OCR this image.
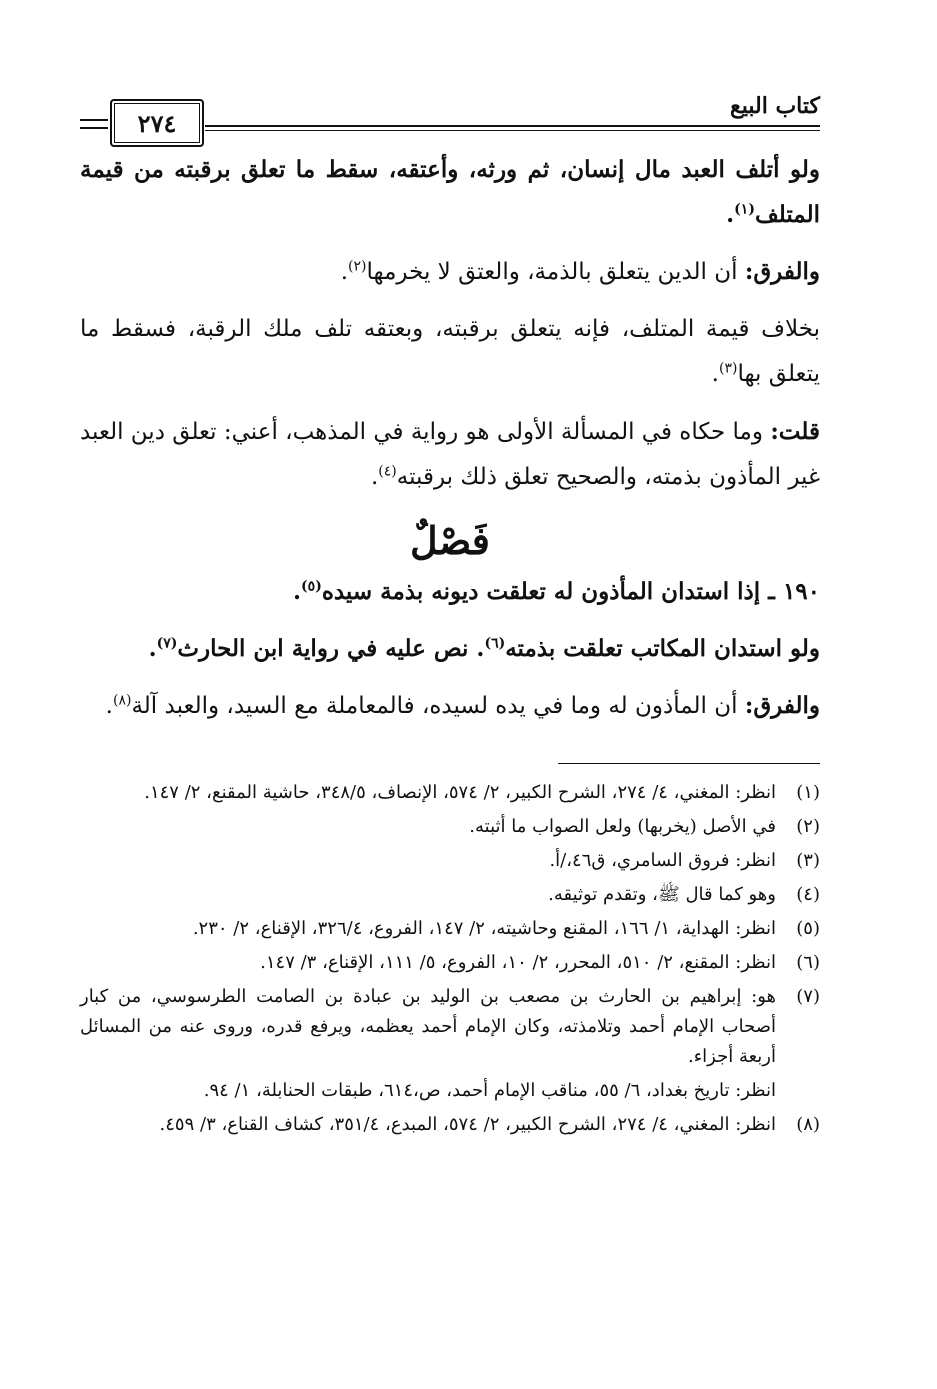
كتاب البيع
٢٧٤

ولو أتلف العبد مال إنسان، ثم ورثه، وأعتقه، سقط ما تعلق برقبته من قيمة المتلف$^{(١)}$.

والفرق: أن الدين يتعلق بالذمة، والعتق لا يخرمها$^{(٢)}$.

بخلاف قيمة المتلف، فإنه يتعلق برقبته، وبعتقه تلف ملك الرقبة، فسقط ما يتعلق بها$^{(٣)}$.

قلت: وما حكاه في المسألة الأولى هو رواية في المذهب، أعني: تعلق دين العبد غير المأذون بذمته، والصحيح تعلق ذلك برقبته$^{(٤)}$.

فَصْلٌ

١٩٠ ـ إذا استدان المأذون له تعلقت ديونه بذمة سيده$^{(٥)}$.

ولو استدان المكاتب تعلقت بذمته$^{(٦)}$. نص عليه في رواية ابن الحارث$^{(٧)}$.

والفرق: أن المأذون له وما في يده لسيده، فالمعاملة مع السيد، والعبد آلة$^{(٨)}$.

(١)
انظر: المغني، ٤/ ٢٧٤، الشرح الكبير، ٢/ ٥٧٤، الإنصاف، ٣٤٨/٥، حاشية المقنع، ٢/ ١٤٧.
(٢)
في الأصل (يخربها) ولعل الصواب ما أثبته.
(٣)
انظر: فروق السامري، ق٤٦،/أ.
(٤)
وهو كما قال ﷺ، وتقدم توثيقه.
(٥)
انظر: الهداية، ١/ ١٦٦، المقنع وحاشيته، ٢/ ١٤٧، الفروع، ٣٢٦/٤، الإقناع، ٢/ ٢٣٠.
(٦)
انظر: المقنع، ٢/ ٥١٠، المحرر، ٢/ ١٠، الفروع، ٥/ ١١١، الإقناع، ٣/ ١٤٧.
(٧)
هو: إبراهيم بن الحارث بن مصعب بن الوليد بن عبادة بن الصامت الطرسوسي، من كبار أصحاب الإمام أحمد وتلامذته، وكان الإمام أحمد يعظمه، ويرفع قدره، وروى عنه من المسائل أربعة أجزاء.
انظر: تاريخ بغداد، ٦/ ٥٥، مناقب الإمام أحمد، ص،٦١٤، طبقات الحنابلة، ١/ ٩٤.
(٨)
انظر: المغني، ٤/ ٢٧٤، الشرح الكبير، ٢/ ٥٧٤، المبدع، ٣٥١/٤، كشاف القناع، ٣/ ٤٥٩.
